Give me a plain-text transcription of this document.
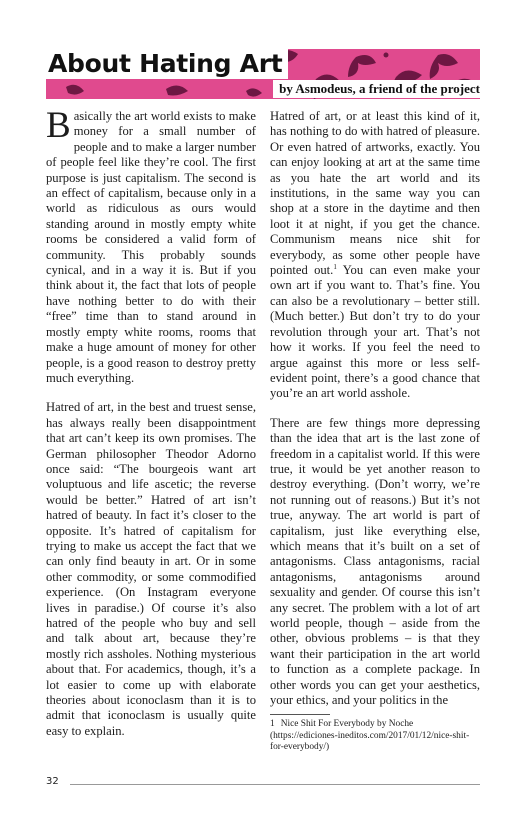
About Hating Art
by Asmodeus, a friend of the project

B asically the art world exists to make money for a small number of people and to make a larger number of people feel like they’re cool. The first purpose is just capitalism. The second is an effect of capitalism, because only in a world as ridiculous as ours would standing around in mostly empty white rooms be considered a valid form of community. This probably sounds cynical, and in a way it is. But if you think about it, the fact that lots of people have nothing better to do with their “free” time than to stand around in mostly empty white rooms, rooms that make a huge amount of money for other people, is a good reason to destroy pretty much everything.

Hatred of art, in the best and truest sense, has always really been disappointment that art can’t keep its own promises. The German philosopher Theodor Adorno once said: “The bourgeois want art voluptuous and life ascetic; the reverse would be better.” Hatred of art isn’t hatred of beauty. In fact it’s closer to the opposite. It’s hatred of capitalism for trying to make us accept the fact that we can only find beauty in art. Or in some other commodity, or some commodified experience. (On Instagram everyone lives in paradise.) Of course it’s also hatred of the people who buy and sell and talk about art, because they’re mostly rich assholes. Nothing mysterious about that. For academics, though, it’s a lot easier to come up with elaborate theories about iconoclasm than it is to admit that iconoclasm is usually quite easy to explain.

Hatred of art, or at least this kind of it, has nothing to do with hatred of pleasure. Or even hatred of artworks, exactly. You can enjoy looking at art at the same time as you hate the art world and its institutions, in the same way you can shop at a store in the daytime and then loot it at night, if you get the chance. Communism means nice shit for everybody, as some other people have pointed out.$^1$ You can even make your own art if you want to. That’s fine. You can also be a revolutionary – better still. (Much better.) But don’t try to do your revolution through your art. That’s not how it works. If you feel the need to argue against this more or less self-evident point, there’s a good chance that you’re an art world asshole.

There are few things more depressing than the idea that art is the last zone of freedom in a capitalist world. If this were true, it would be yet another reason to destroy everything. (Don’t worry, we’re not running out of reasons.) But it’s not true, anyway. The art world is part of capitalism, just like everything else, which means that it’s built on a set of antagonisms. Class antagonisms, racial antagonisms, antagonisms around sexuality and gender. Of course this isn’t any secret. The problem with a lot of art world people, though – aside from the other, obvious problems – is that they want their participation in the art world to function as a complete package. In other words you can get your aesthetics, your ethics, and your politics in the

1 Nice Shit For Everybody by Noche (https://ediciones-ineditos.com/2017/01/12/nice-shit-for-everybody/)
32
